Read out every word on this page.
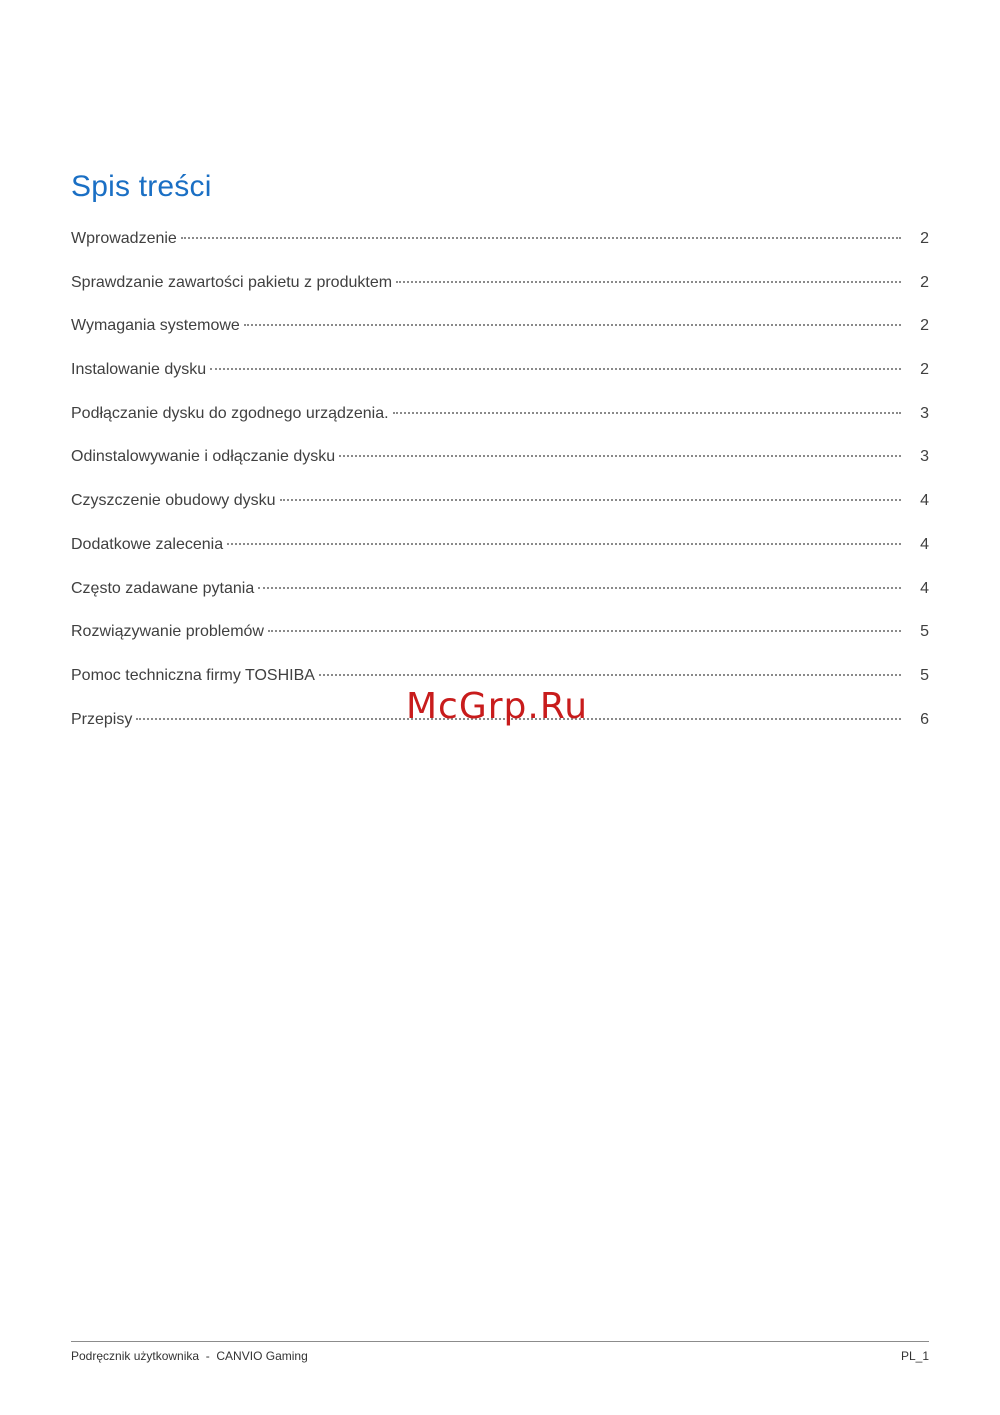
Spis treści
Wprowadzenie	2
Sprawdzanie zawartości pakietu z produktem	2
Wymagania systemowe	2
Instalowanie dysku	2
Podłączanie dysku do zgodnego urządzenia.	3
Odinstalowywanie i odłączanie dysku	3
Czyszczenie obudowy dysku	4
Dodatkowe zalecenia	4
Często zadawane pytania	4
Rozwiązywanie problemów	5
Pomoc techniczna firmy TOSHIBA	5
Przepisy	6
McGrp.Ru
Podręcznik użytkownika  -  CANVIO Gaming	PL_1
